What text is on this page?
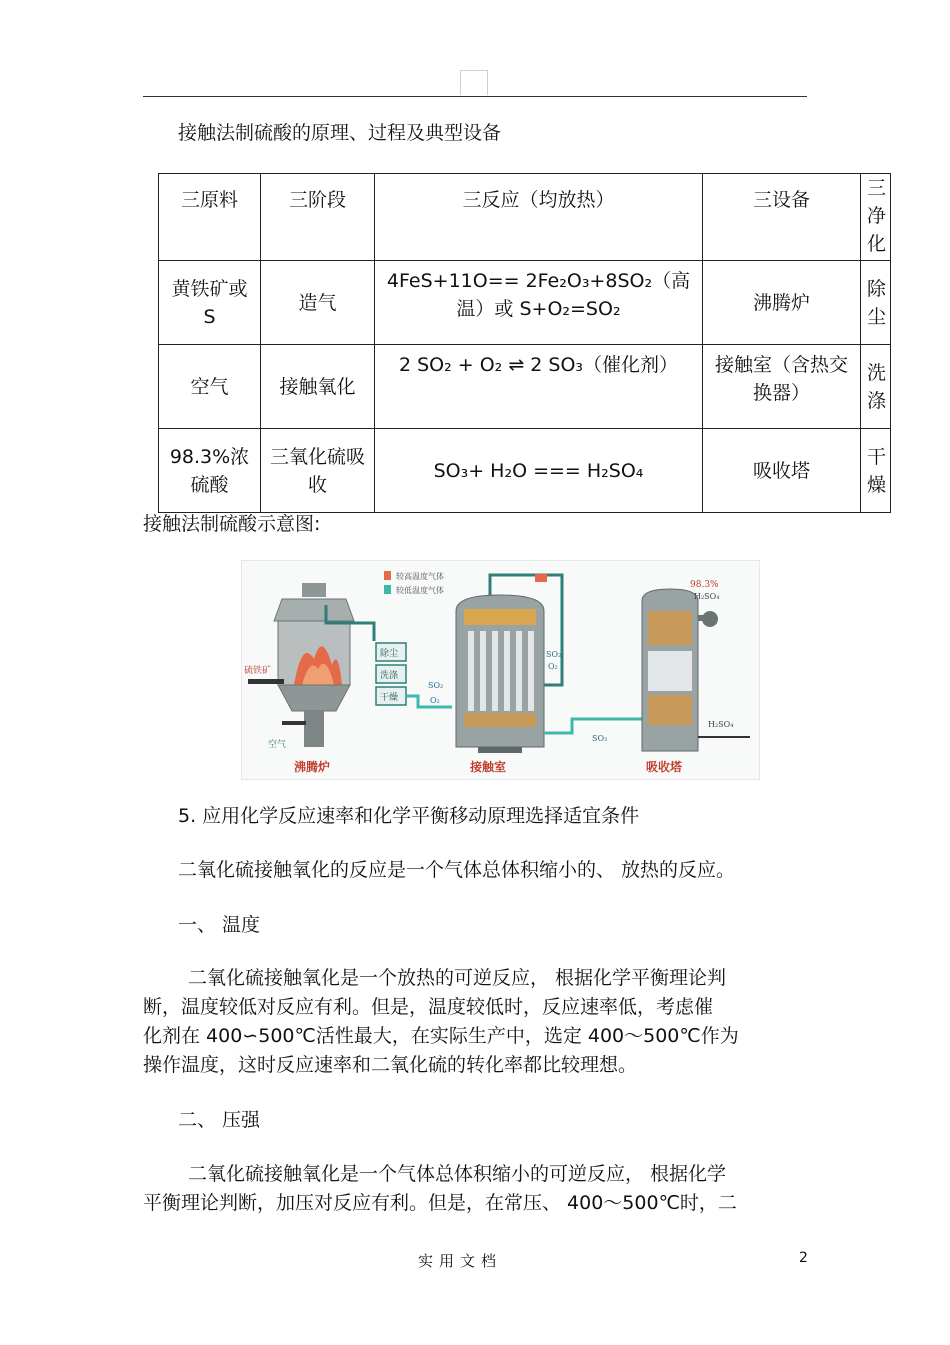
接触法制硫酸的原理、过程及典型设备
三原料	三阶段	三反应（均放热）	三设备	三净化
黄铁矿或 S	造气	4FeS+11O== 2Fe₂O₃+8SO₂（高温）或 S+O₂=SO₂	沸腾炉	除尘
空气	接触氧化	2 SO₂ + O₂ ⇌ 2 SO₃（催化剂）	接触室（含热交换器）	洗涤
98.3%浓硫酸	三氧化硫吸收	SO₃+ H₂O === H₂SO₄	吸收塔	干燥
接触法制硫酸示意图:
较高温度气体
较低温度气体
硫铁矿
空气
沸腾炉
除尘
洗涤
干燥
SO₂
O₂
接触室
SO₂
O₂
SO₃
98.3%
H₂SO₄
H₂SO₄
吸收塔
5. 应用化学反应速率和化学平衡移动原理选择适宜条件
二氧化硫接触氧化的反应是一个气体总体积缩小的、 放热的反应。
一、 温度
二氧化硫接触氧化是一个放热的可逆反应， 根据化学平衡理论判
断，温度较低对反应有利。但是，温度较低时，反应速率低，考虑催
化剂在 400∽500℃活性最大，在实际生产中，选定 400～500℃作为
操作温度，这时反应速率和二氧化硫的转化率都比较理想。
二、 压强
二氧化硫接触氧化是一个气体总体积缩小的可逆反应， 根据化学
平衡理论判断，加压对反应有利。但是，在常压、 400～500℃时，二
实用文档	2
